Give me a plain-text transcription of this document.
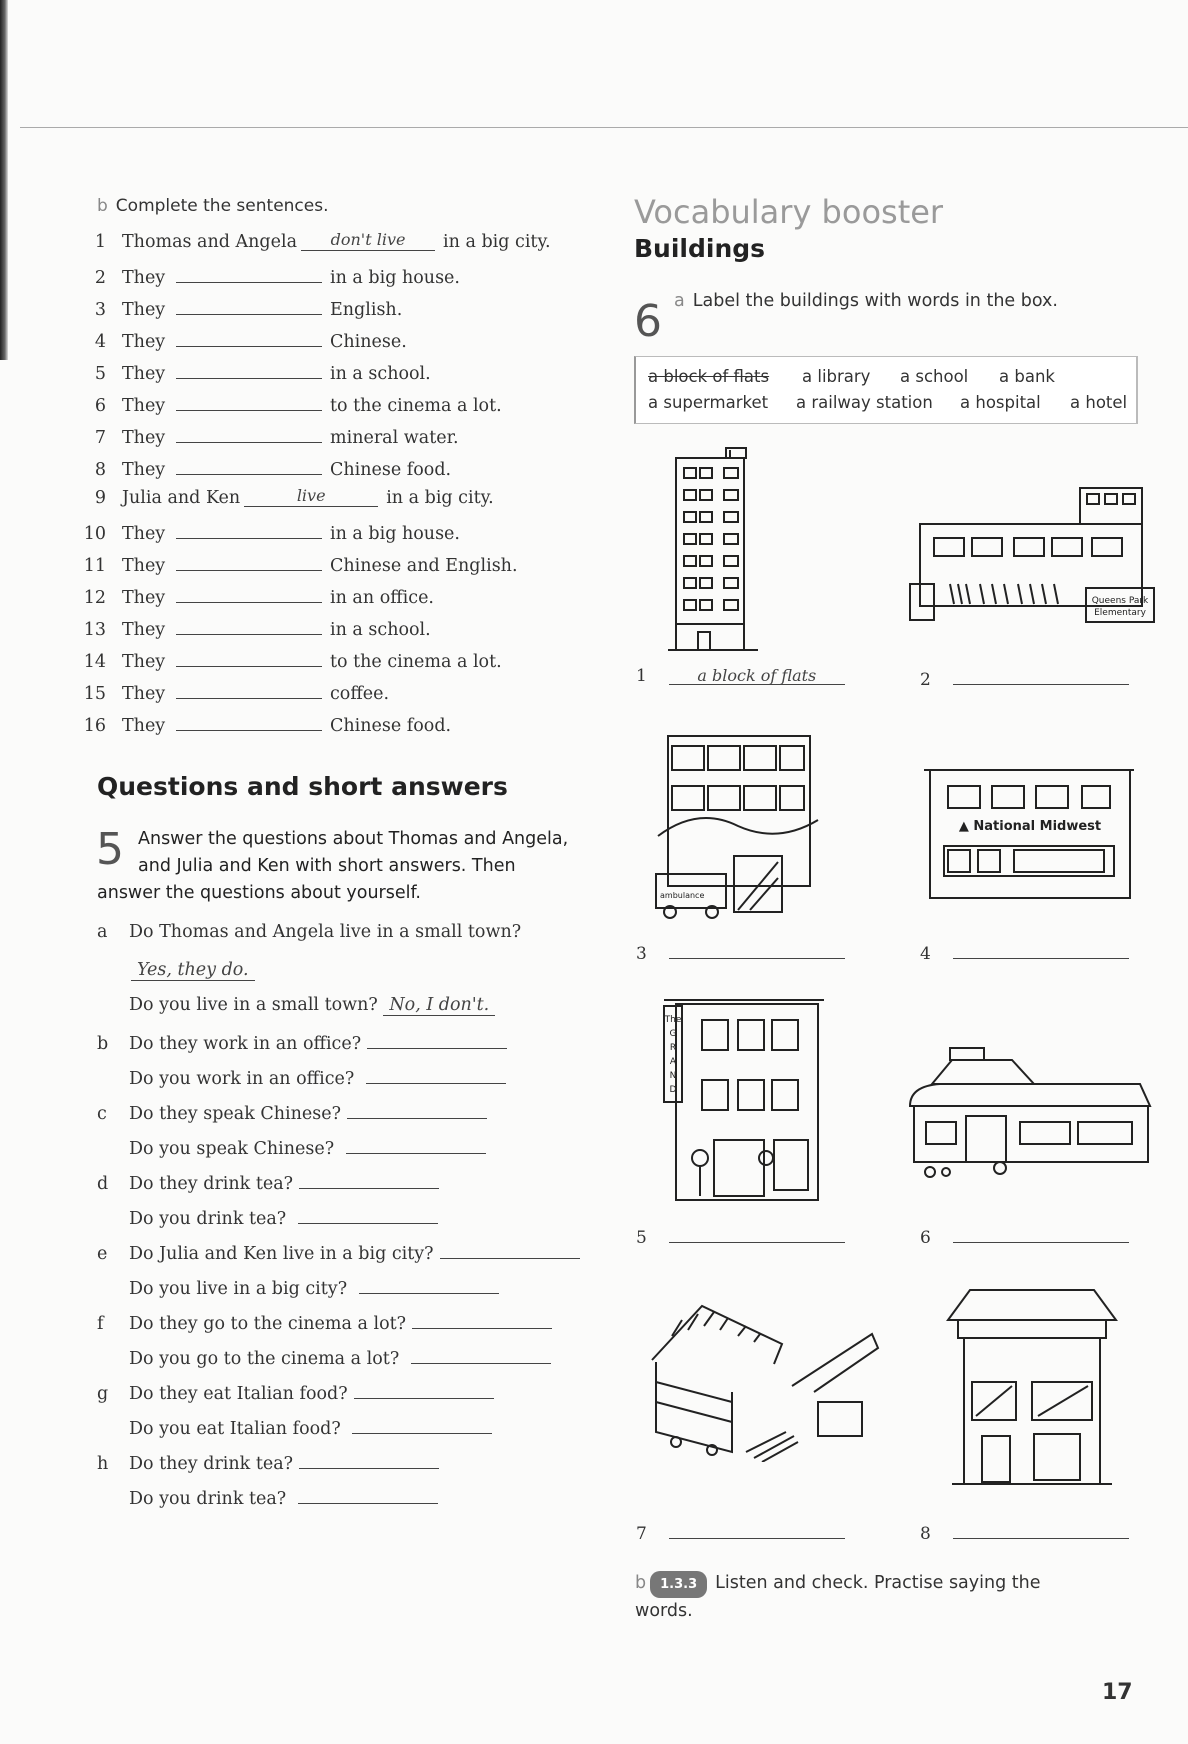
b Complete the sentences.
1 Thomas and Angela don't live in a big city.
2 They	in a big house.
3 They	English.
4 They	Chinese.
5 They	in a school.
6 They	to the cinema a lot.
7 They	mineral water.
8 They	Chinese food.
9 Julia and Ken	live	in a big city.
10 They	in a big house.
11 They	Chinese and English.
12 They	in an office.
13 They	in a school.
14 They	to the cinema a lot.
15 They	coffee.
16 They	Chinese food.
Questions and short answers
5 Answer the questions about Thomas and Angela,
and Julia and Ken with short answers. Then
answer the questions about yourself.
a Do Thomas and Angela live in a small town?
Yes, they do.
Do you live in a small town? No, I don't.
b Do they work in an office?
Do you work in an office?
c Do they speak Chinese?
Do you speak Chinese?
d Do they drink tea?
Do you drink tea?
e Do Julia and Ken live in a big city?
Do you live in a big city?
f Do they go to the cinema a lot?
Do you go to the cinema a lot?
g Do they eat Italian food?
Do you eat Italian food?
h Do they drink tea?
Do you drink tea?
Vocabulary booster
Buildings
6 a Label the buildings with words in the box.
a block of flats a library a school a bank
a supermarket a railway station a hospital a hotel
Queens Park
Elementary
ambulance
▲ National Midwest
The
G
R
A
N
D
1	a block of flats	2
3	4
5	6
7	8
b 1.3.3 Listen and check. Practise saying the
words.
17
